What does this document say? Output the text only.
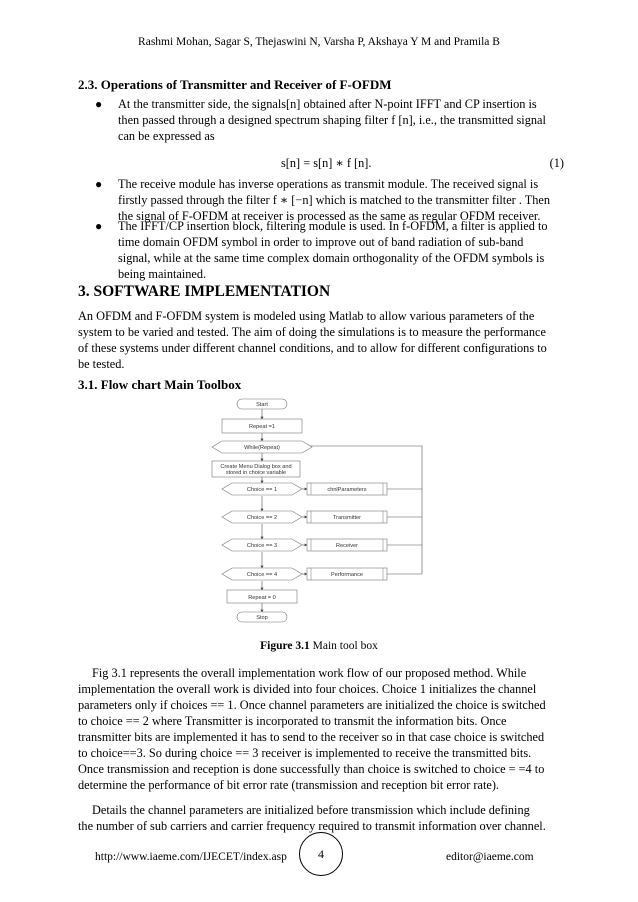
Rashmi Mohan, Sagar S, Thejaswini N, Varsha P, Akshaya Y M and Pramila B
2.3. Operations of Transmitter and Receiver of F-OFDM
● At the transmitter side, the signals[n] obtained after N-point IFFT and CP insertion is
then passed through a designed spectrum shaping filter f [n], i.e., the transmitted signal
can be expressed as
s[n] = s[n] ∗ f [n].	(1)
● The receive module has inverse operations as transmit module. The received signal is
firstly passed through the filter f ∗ [−n] which is matched to the transmitter filter . Then
the signal of F-OFDM at receiver is processed as the same as regular OFDM receiver.
● The IFFT/CP insertion block, filtering module is used. In f-OFDM, a filter is applied to
time domain OFDM symbol in order to improve out of band radiation of sub-band
signal, while at the same time complex domain orthogonality of the OFDM symbols is
being maintained.
3. SOFTWARE IMPLEMENTATION
An OFDM and F-OFDM system is modeled using Matlab to allow various parameters of the
system to be varied and tested. The aim of doing the simulations is to measure the performance
of these systems under different channel conditions, and to allow for different configurations to
be tested.
3.1. Flow chart Main Toolbox
Start
Repeat =1
While(Repeat)
Create Menu Dialog box and
stored in choice variable
Choice == 1
Choice == 2
Choice == 3
Choice == 4
chnlParameters
Transmitter
Receiver
Performance
Repeat = 0
Stop
Figure 3.1 Main tool box
Fig 3.1 represents the overall implementation work flow of our proposed method. While
implementation the overall work is divided into four choices. Choice 1 initializes the channel
parameters only if choices == 1. Once channel parameters are initialized the choice is switched
to choice == 2 where Transmitter is incorporated to transmit the information bits. Once
transmitter bits are implemented it has to send to the receiver so in that case choice is switched
to choice==3. So during choice == 3 receiver is implemented to receive the transmitted bits.
Once transmission and reception is done successfully than choice is switched to choice = =4 to
determine the performance of bit error rate (transmission and reception bit error rate).
Details the channel parameters are initialized before transmission which include defining
the number of sub carriers and carrier frequency required to transmit information over channel.
http://www.iaeme.com/IJECET/index.asp	4	editor@iaeme.com
